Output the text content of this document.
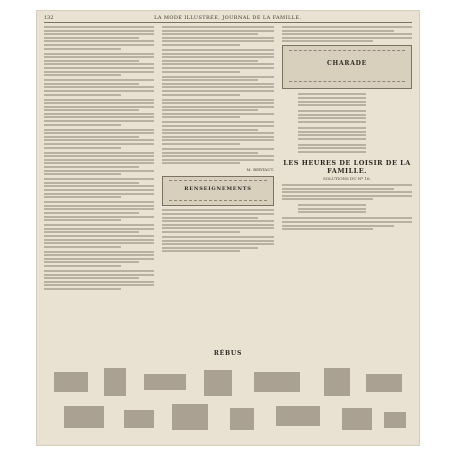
132	LA MODE ILLUSTRÉE, JOURNAL DE LA FAMILLE.
M. BERTAUT.
RENSEIGNEMENTS
CHARADE
LES HEURES DE LOISIR DE LA FAMILLE.
SOLUTIONS DU Nº 16.
RÉBUS
